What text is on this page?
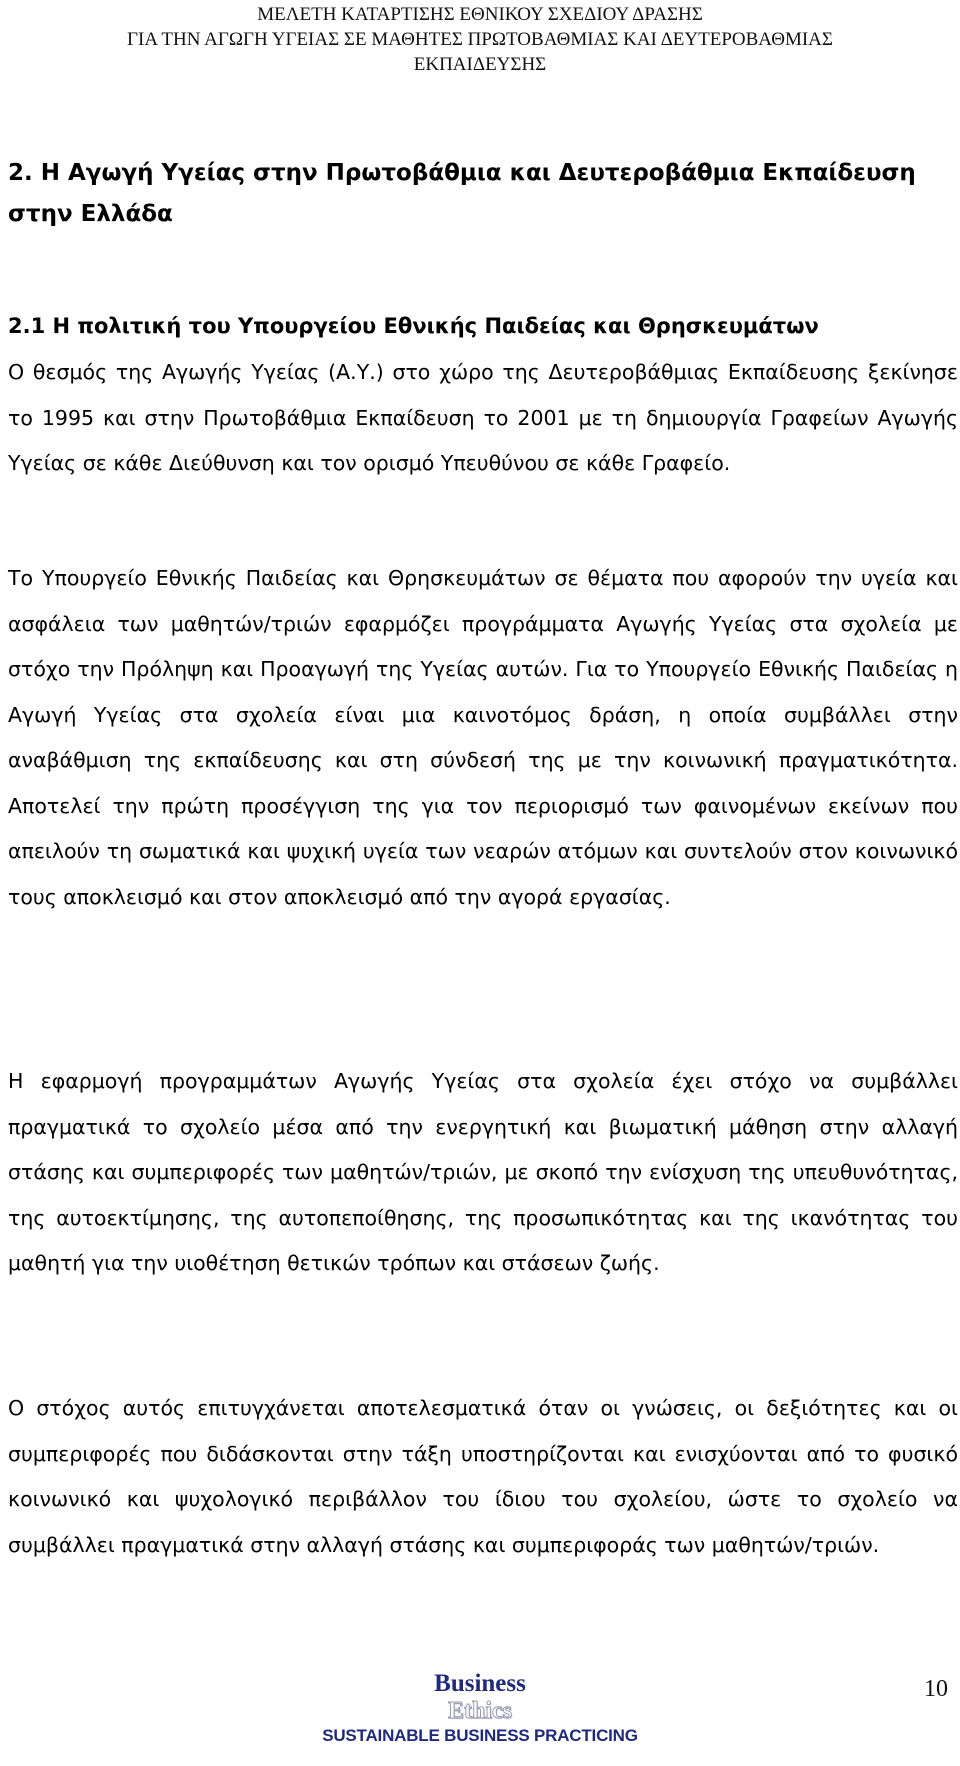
ΜΕΛΕΤΗ ΚΑΤΑΡΤΙΣΗΣ ΕΘΝΙΚΟΥ ΣΧΕΔΙΟΥ ΔΡΑΣΗΣ
ΓΙΑ ΤΗΝ ΑΓΩΓΗ ΥΓΕΙΑΣ ΣΕ ΜΑΘΗΤΕΣ ΠΡΩΤΟΒΑΘΜΙΑΣ ΚΑΙ ΔΕΥΤΕΡΟΒΑΘΜΙΑΣ
ΕΚΠΑΙΔΕΥΣΗΣ
2. Η Αγωγή Υγείας στην Πρωτοβάθμια και Δευτεροβάθμια Εκπαίδευση στην Ελλάδα
2.1 Η πολιτική του Υπουργείου Εθνικής Παιδείας και Θρησκευμάτων

Ο θεσμός της Αγωγής Υγείας (Α.Υ.) στο χώρο της Δευτεροβάθμιας Εκπαίδευσης ξεκίνησε το 1995 και στην Πρωτοβάθμια Εκπαίδευση το 2001 με τη δημιουργία Γραφείων Αγωγής Υγείας σε κάθε Διεύθυνση και τον ορισμό Υπευθύνου σε κάθε Γραφείο.

Το Υπουργείο Εθνικής Παιδείας και Θρησκευμάτων σε θέματα που αφορούν την υγεία και ασφάλεια των μαθητών/τριών εφαρμόζει προγράμματα Αγωγής Υγείας στα σχολεία με στόχο την Πρόληψη και Προαγωγή της Υγείας αυτών. Για το Υπουργείο Εθνικής Παιδείας η Αγωγή Υγείας στα σχολεία είναι μια καινοτόμος δράση, η οποία συμβάλλει στην αναβάθμιση της εκπαίδευσης και στη σύνδεσή της με την κοινωνική πραγματικότητα. Αποτελεί την πρώτη προσέγγιση της για τον περιορισμό των φαινομένων εκείνων που απειλούν τη σωματικά και ψυχική υγεία των νεαρών ατόμων και συντελούν στον κοινωνικό τους αποκλεισμό και στον αποκλεισμό από την αγορά εργασίας.

Η εφαρμογή προγραμμάτων Αγωγής Υγείας στα σχολεία έχει στόχο να συμβάλλει πραγματικά το σχολείο μέσα από την ενεργητική και βιωματική μάθηση στην αλλαγή στάσης και συμπεριφορές των μαθητών/τριών, με σκοπό την ενίσχυση της υπευθυνότητας, της αυτοεκτίμησης, της αυτοπεποίθησης, της προσωπικότητας και της ικανότητας του μαθητή για την υιοθέτηση θετικών τρόπων και στάσεων ζωής.

Ο στόχος αυτός επιτυγχάνεται αποτελεσματικά όταν οι γνώσεις, οι δεξιότητες και οι συμπεριφορές που διδάσκονται στην τάξη υποστηρίζονται και ενισχύονται από το φυσικό κοινωνικό και ψυχολογικό περιβάλλον του ίδιου του σχολείου, ώστε το σχολείο να συμβάλλει πραγματικά στην αλλαγή στάσης και συμπεριφοράς των μαθητών/τριών.

Business
Ethics
SUSTAINABLE BUSINESS PRACTICING
10
